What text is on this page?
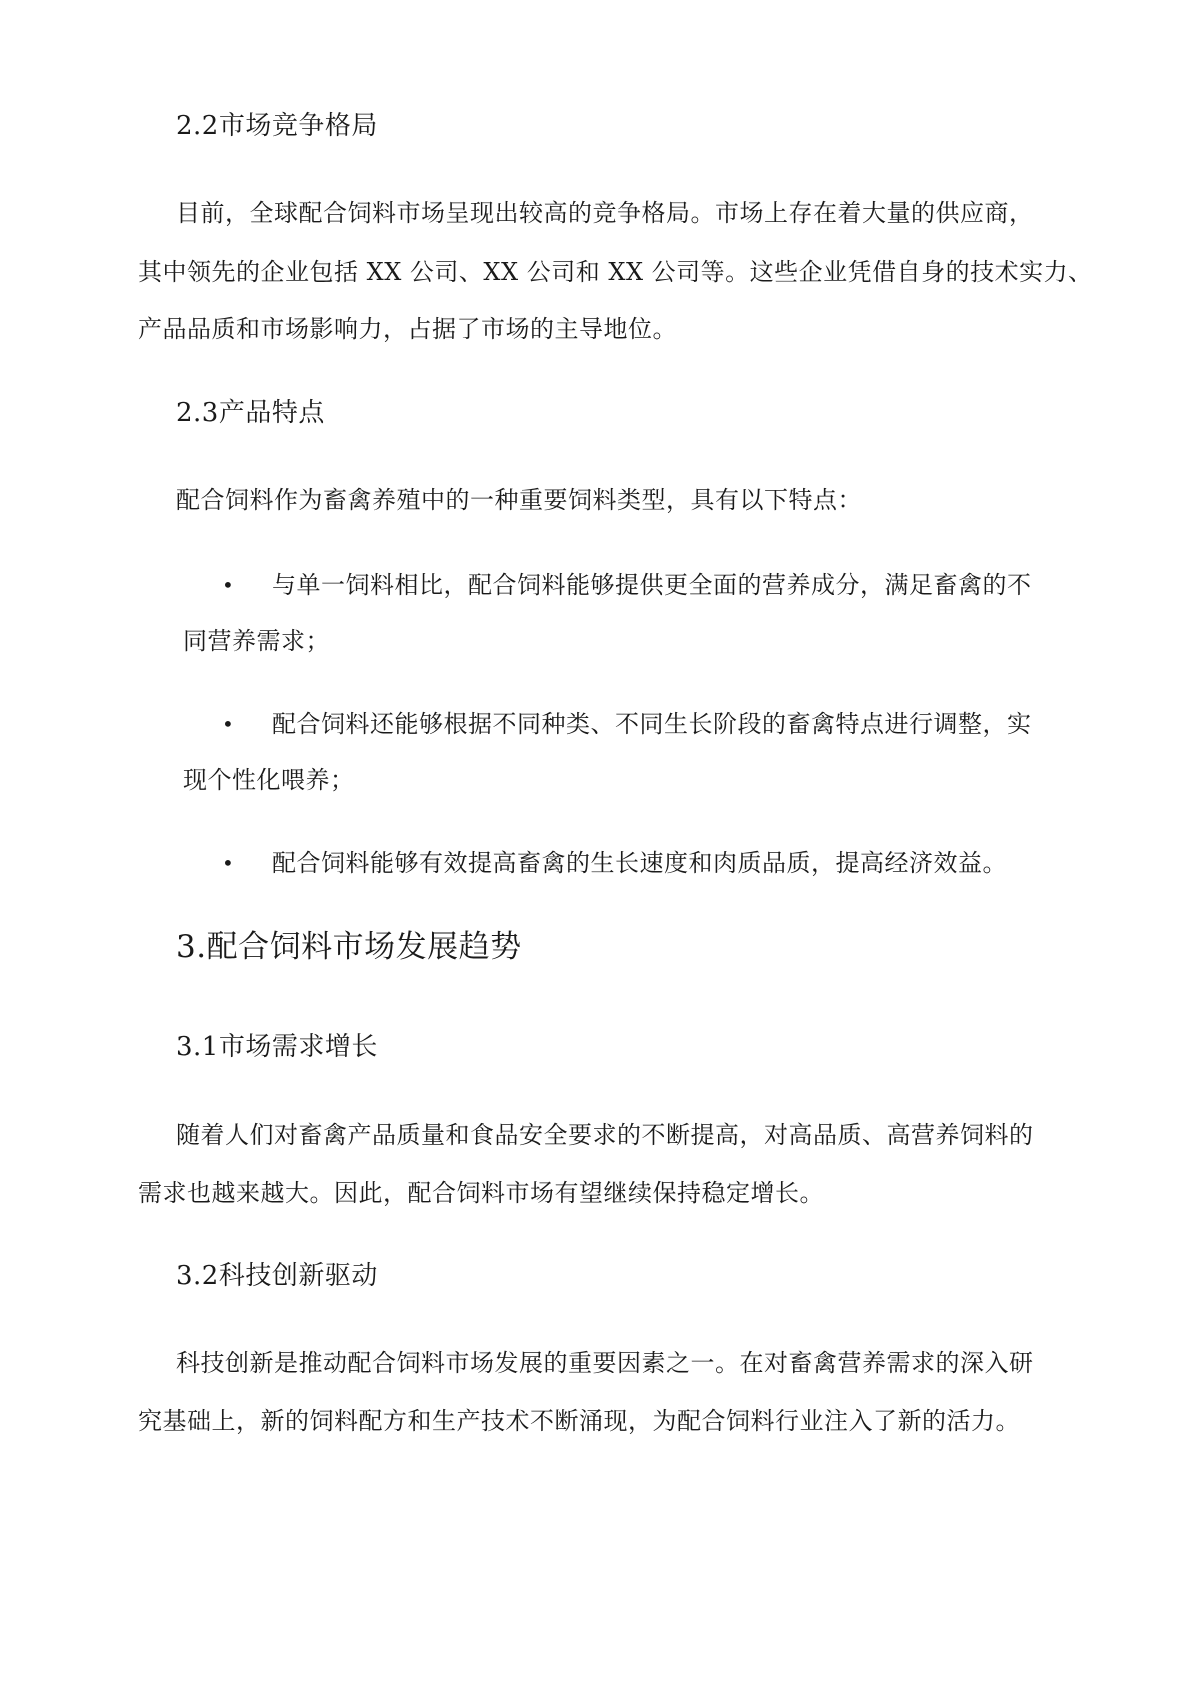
2.2市场竞争格局
目前，全球配合饲料市场呈现出较高的竞争格局。市场上存在着大量的供应商，
其中领先的企业包括 XX 公司、XX 公司和 XX 公司等。这些企业凭借自身的技术实力、
产品品质和市场影响力，占据了市场的主导地位。
2.3产品特点
配合饲料作为畜禽养殖中的一种重要饲料类型，具有以下特点：
• 与单一饲料相比，配合饲料能够提供更全面的营养成分，满足畜禽的不
同营养需求；
• 配合饲料还能够根据不同种类、不同生长阶段的畜禽特点进行调整，实
现个性化喂养；
• 配合饲料能够有效提高畜禽的生长速度和肉质品质，提高经济效益。
3.配合饲料市场发展趋势
3.1市场需求增长
随着人们对畜禽产品质量和食品安全要求的不断提高，对高品质、高营养饲料的
需求也越来越大。因此，配合饲料市场有望继续保持稳定增长。
3.2科技创新驱动
科技创新是推动配合饲料市场发展的重要因素之一。在对畜禽营养需求的深入研
究基础上，新的饲料配方和生产技术不断涌现，为配合饲料行业注入了新的活力。
